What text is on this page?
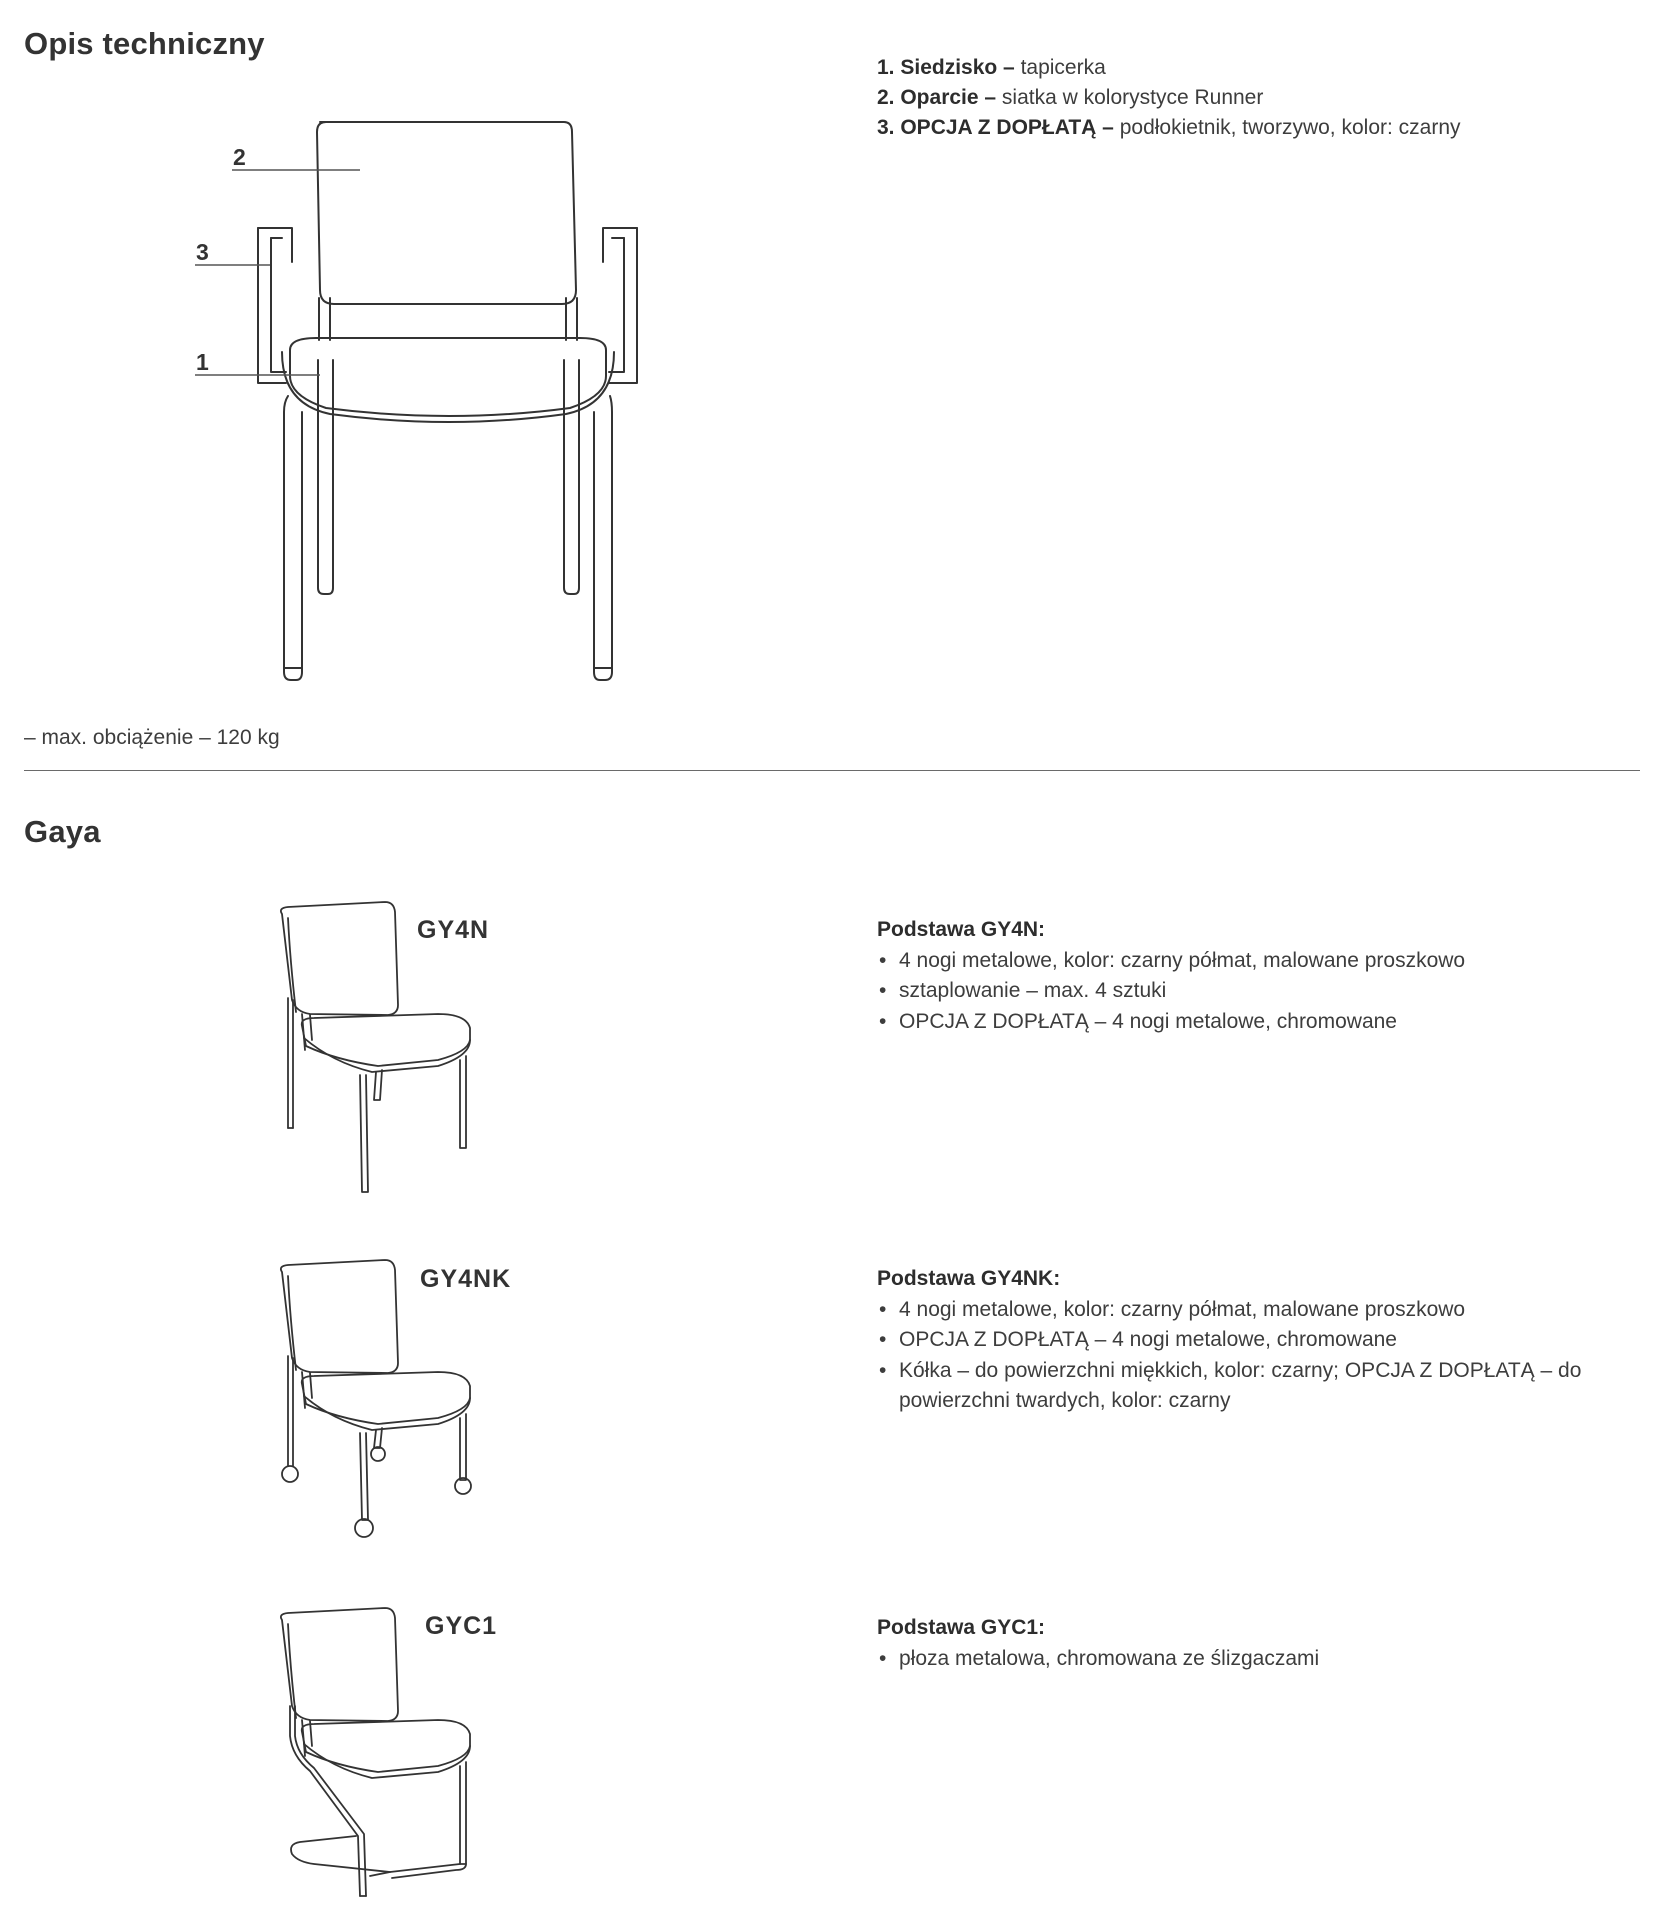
Opis techniczny
2
3
1
1. Siedzisko – tapicerka
2. Oparcie – siatka w kolorystyce Runner
3. OPCJA Z DOPŁATĄ – podłokietnik, tworzywo, kolor: czarny
– max. obciążenie – 120 kg
Gaya
GY4N	Podstawa GY4N:
• 4 nogi metalowe, kolor: czarny półmat, malowane proszkowo
• sztaplowanie – max. 4 sztuki
• OPCJA Z DOPŁATĄ – 4 nogi metalowe, chromowane
GY4NK	Podstawa GY4NK:
• 4 nogi metalowe, kolor: czarny półmat, malowane proszkowo
• OPCJA Z DOPŁATĄ – 4 nogi metalowe, chromowane
• Kółka – do powierzchni miękkich, kolor: czarny; OPCJA Z DOPŁATĄ – do powierzchni twardych, kolor: czarny
GYC1	Podstawa GYC1:
• płoza metalowa, chromowana ze ślizgaczami
